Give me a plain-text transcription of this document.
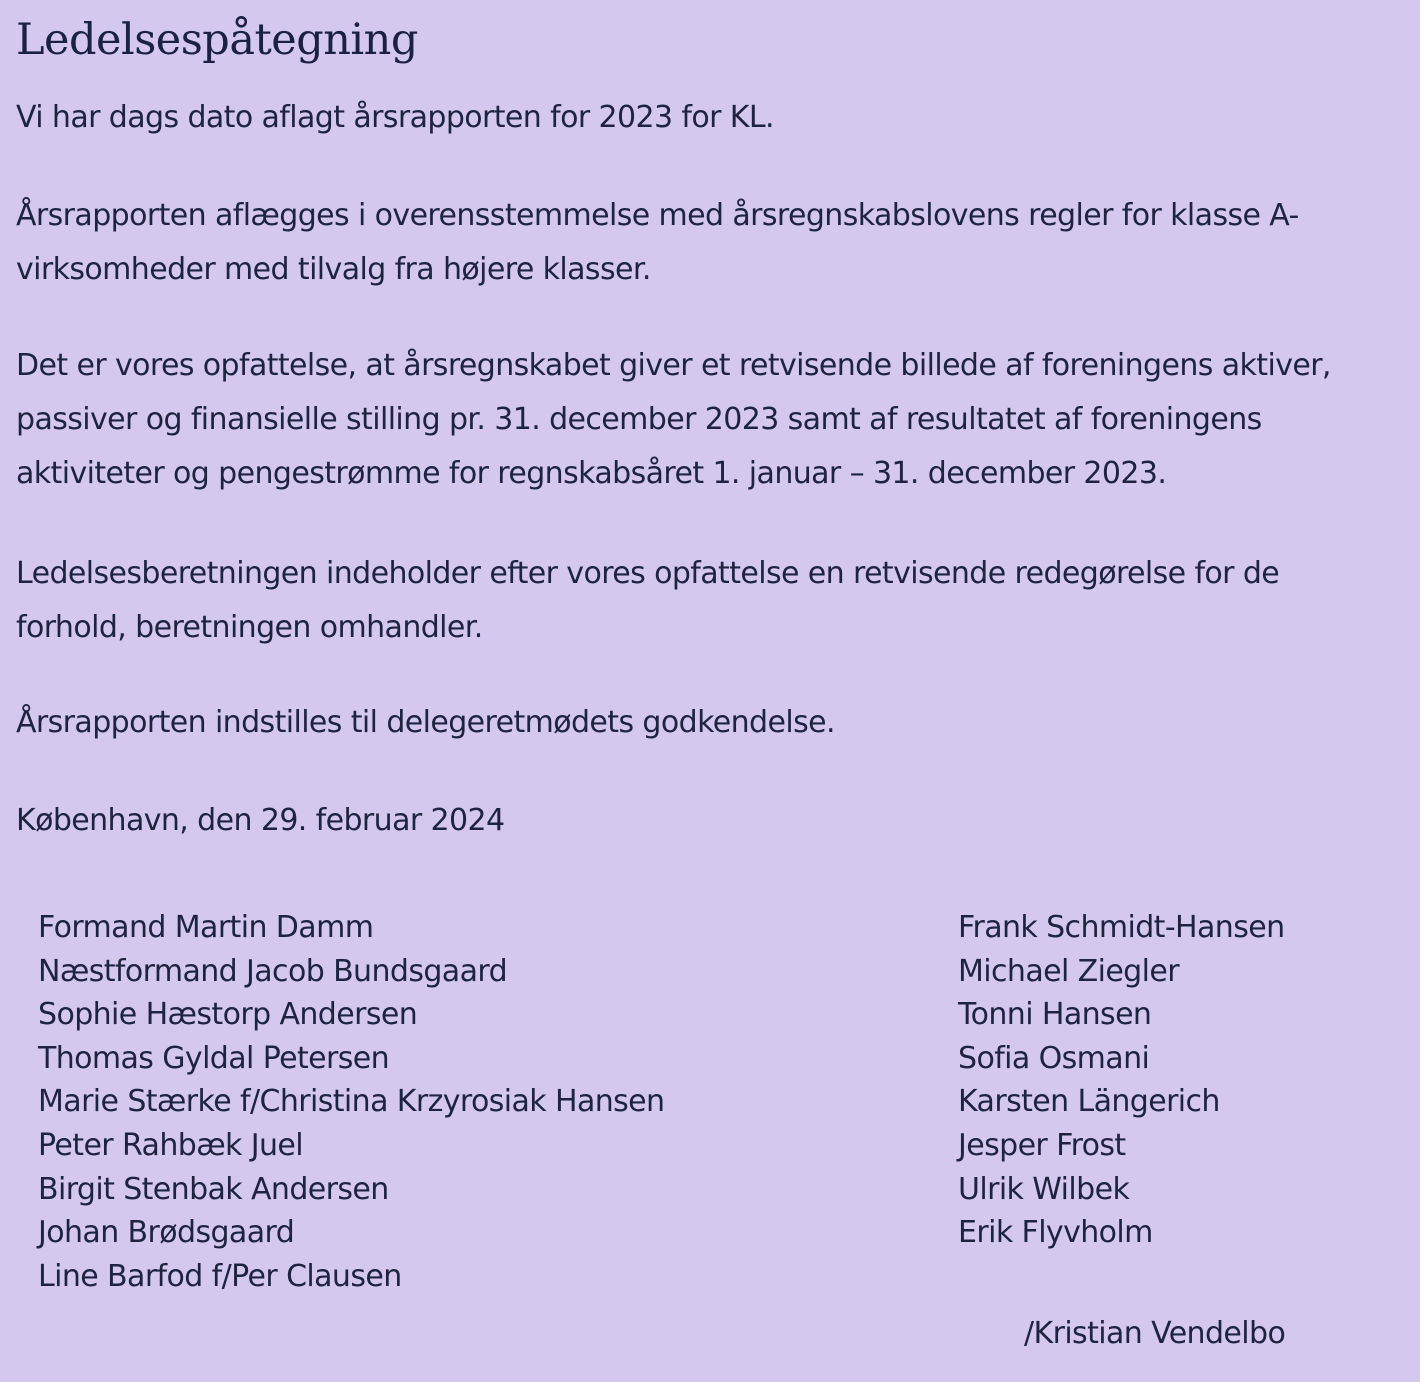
Ledelsespåtegning

Vi har dags dato aflagt årsrapporten for 2023 for KL.

Årsrapporten aflægges i overensstemmelse med årsregnskabslovens regler for klasse A-
virksomheder med tilvalg fra højere klasser.

Det er vores opfattelse, at årsregnskabet giver et retvisende billede af foreningens aktiver,
passiver og finansielle stilling pr. 31. december 2023 samt af resultatet af foreningens
aktiviteter og pengestrømme for regnskabsåret 1. januar – 31. december 2023.

Ledelsesberetningen indeholder efter vores opfattelse en retvisende redegørelse for de
forhold, beretningen omhandler.

Årsrapporten indstilles til delegeretmødets godkendelse.

København, den 29. februar 2024

Formand Martin Damm
Næstformand Jacob Bundsgaard
Sophie Hæstorp Andersen
Thomas Gyldal Petersen
Marie Stærke f/Christina Krzyrosiak Hansen
Peter Rahbæk Juel
Birgit Stenbak Andersen
Johan Brødsgaard
Line Barfod f/Per Clausen
Frank Schmidt-Hansen
Michael Ziegler
Tonni Hansen
Sofia Osmani
Karsten Längerich
Jesper Frost
Ulrik Wilbek
Erik Flyvholm

/Kristian Vendelbo
